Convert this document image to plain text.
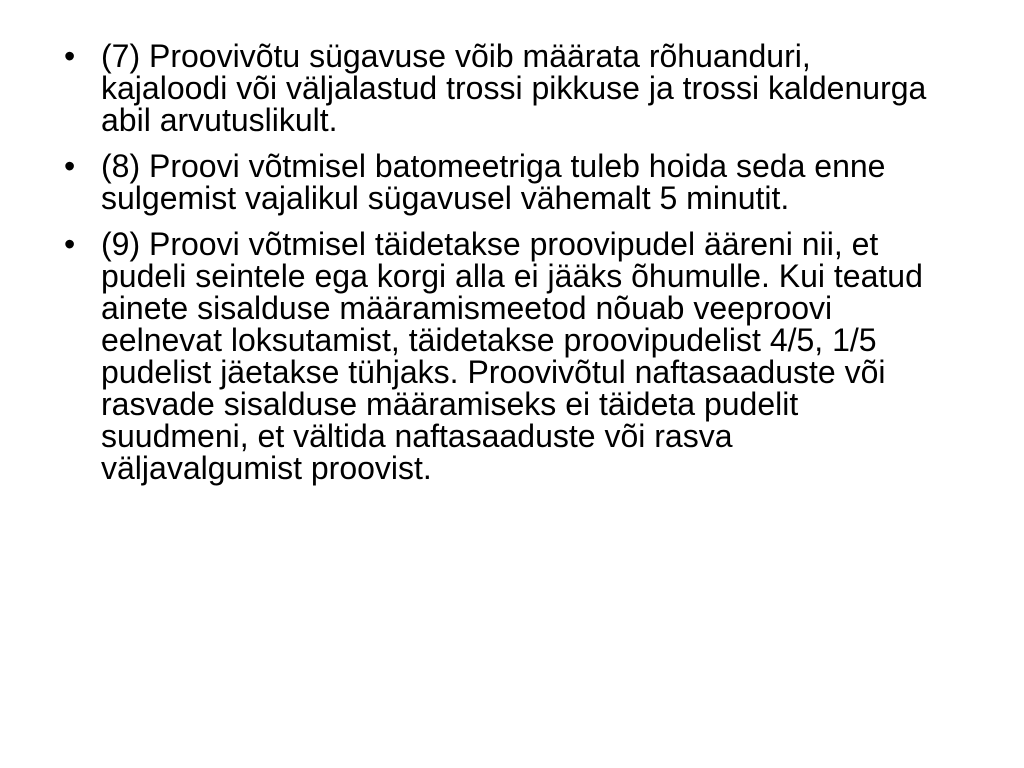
• (7) Proovivõtu sügavuse võib määrata rõhuanduri, kajaloodi või väljalastud trossi pikkuse ja trossi kaldenurga abil arvutuslikult.
• (8) Proovi võtmisel batomeetriga tuleb hoida seda enne sulgemist vajalikul sügavusel vähemalt 5 minutit.
• (9) Proovi võtmisel täidetakse proovipudel ääreni nii, et pudeli seintele ega korgi alla ei jääks õhumulle. Kui teatud ainete sisalduse määramismeetod nõuab veeproovi eelnevat loksutamist, täidetakse proovipudelist 4/5, 1/5 pudelist jäetakse tühjaks. Proovivõtul naftasaaduste või rasvade sisalduse määramiseks ei täideta pudelit suudmeni, et vältida naftasaaduste või rasva väljavalgumist proovist.
